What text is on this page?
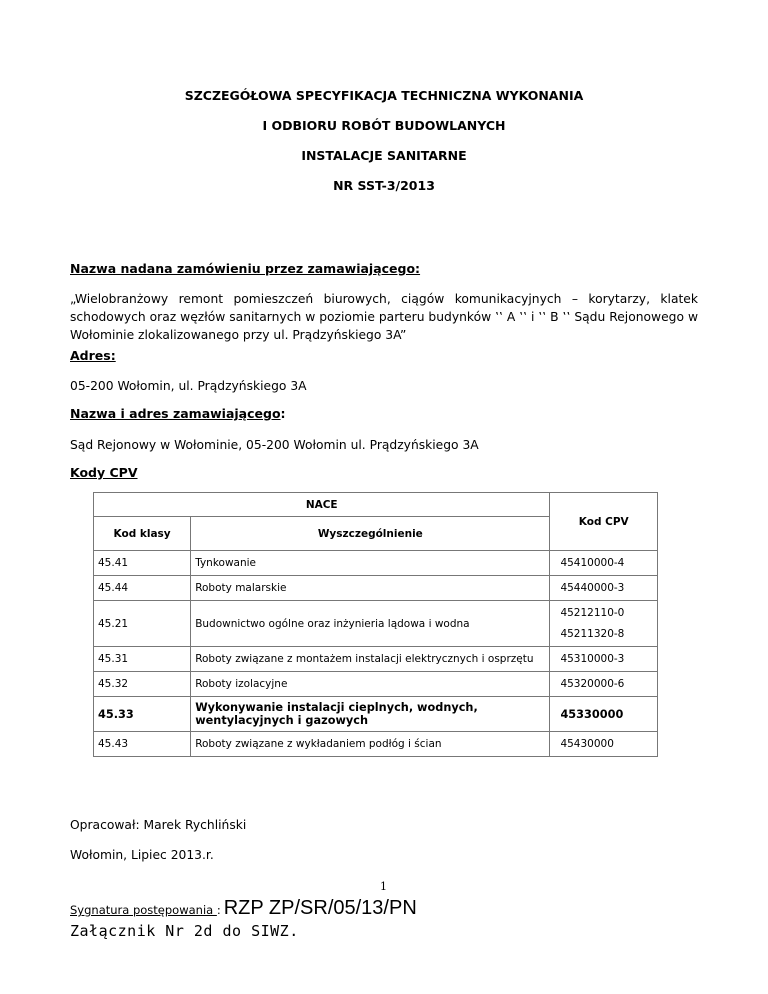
SZCZEGÓŁOWA SPECYFIKACJA TECHNICZNA WYKONANIA
I ODBIORU ROBÓT BUDOWLANYCH
INSTALACJE SANITARNE
NR SST-3/2013
Nazwa nadana zamówieniu przez zamawiającego:
„Wielobranżowy remont pomieszczeń biurowych, ciągów komunikacyjnych – korytarzy, klatek schodowych oraz węzłów sanitarnych w poziomie parteru budynków ‛‛ A ‛‛ i ‛‛ B ‛‛ Sądu Rejonowego w Wołominie zlokalizowanego przy ul. Prądzyńskiego 3A”
Adres:
05-200 Wołomin, ul. Prądzyńskiego 3A
Nazwa i adres zamawiającego:
Sąd Rejonowy w Wołominie, 05-200 Wołomin ul. Prądzyńskiego 3A
Kody CPV
NACE		Kod CPV
Kod klasy	Wyszczególnienie	
45.41	Tynkowanie	45410000-4
45.44	Roboty malarskie	45440000-3
45.21	Budownictwo ogólne oraz inżynieria lądowa i wodna	45212110-0
45211320-8

45.31	Roboty związane z montażem instalacji elektrycznych i osprzętu	45310000-3
45.32	Roboty izolacyjne	45320000-6
45.33	Wykonywanie instalacji cieplnych, wodnych, wentylacyjnych i gazowych	45330000
45.43	Roboty związane z wykładaniem podłóg i ścian	45430000
Opracował: Marek Rychliński
Wołomin, Lipiec 2013.r.
1
Sygnatura postępowania : RZP ZP/SR/05/13/PN
Załącznik Nr 2d do SIWZ.
